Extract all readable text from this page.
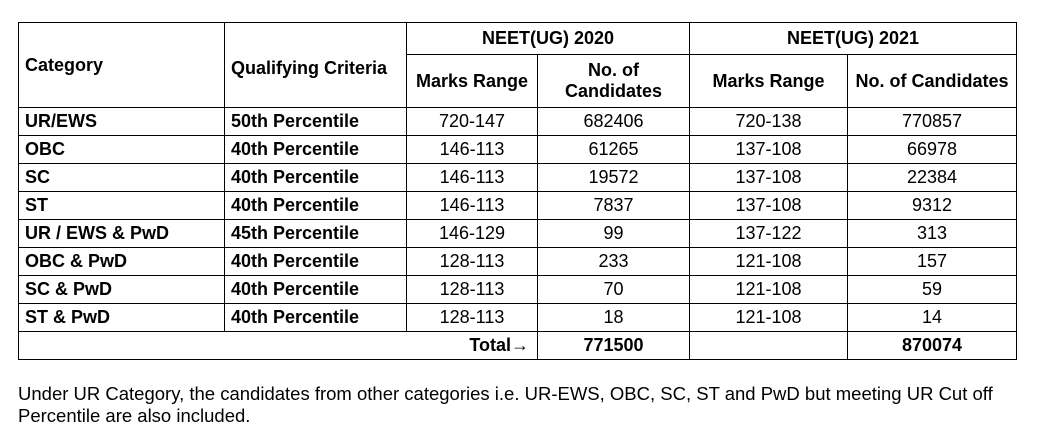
Category	Qualifying Criteria	NEET(UG) 2020		NEET(UG) 2021	
		Marks Range	No. of Candidates	Marks Range	No. of Candidates
UR/EWS	50th Percentile	720-147	682406	720-138	770857
OBC	40th Percentile	146-113	61265	137-108	66978
SC	40th Percentile	146-113	19572	137-108	22384
ST	40th Percentile	146-113	7837	137-108	9312
UR / EWS & PwD	45th Percentile	146-129	99	137-122	313
OBC & PwD	40th Percentile	128-113	233	121-108	157
SC & PwD	40th Percentile	128-113	70	121-108	59
ST & PwD	40th Percentile	128-113	18	121-108	14
Total→			771500		870074
Under UR Category, the candidates from other categories i.e. UR-EWS, OBC, SC, ST and PwD but meeting UR Cut off Percentile are also included.
